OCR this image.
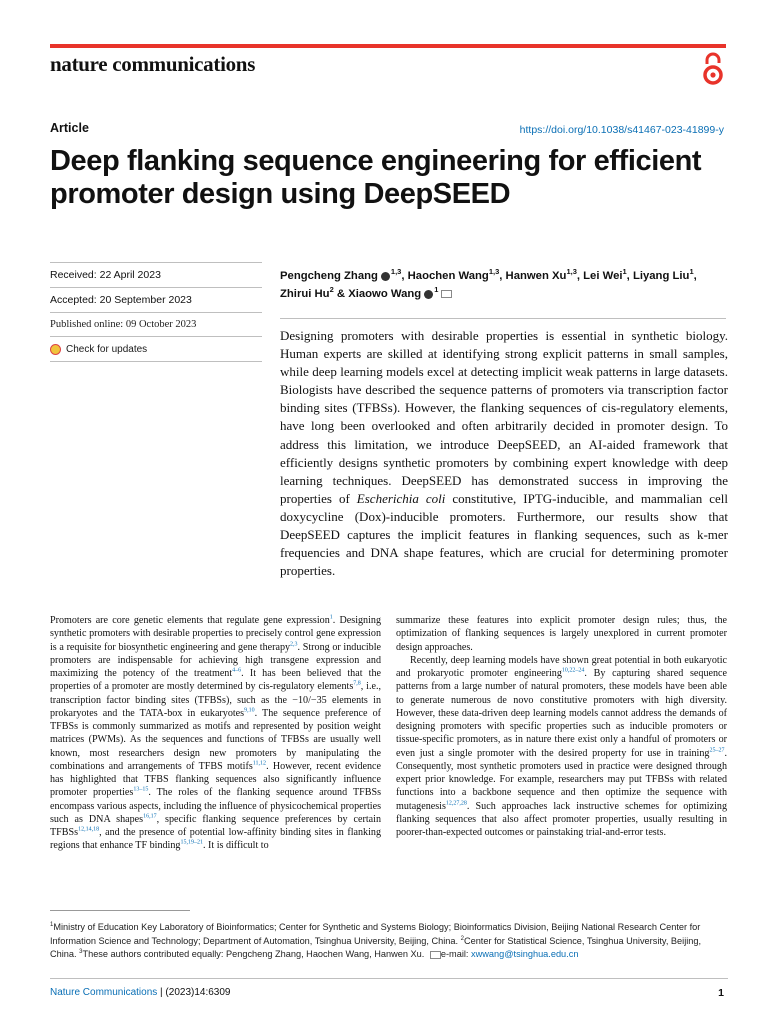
nature communications
Article	https://doi.org/10.1038/s41467-023-41899-y
Deep flanking sequence engineering for efficient promoter design using DeepSEED
Received: 22 April 2023
Accepted: 20 September 2023
Published online: 09 October 2023
Check for updates
Pengcheng Zhang $^{1,3}$, Haochen Wang$^{1,3}$, Hanwen Xu$^{1,3}$, Lei Wei$^1$, Liyang Liu$^1$, Zhirui Hu$^2$ & Xiaowo Wang $^1$

Designing promoters with desirable properties is essential in synthetic biology. Human experts are skilled at identifying strong explicit patterns in small samples, while deep learning models excel at detecting implicit weak patterns in large datasets. Biologists have described the sequence patterns of promoters via transcription factor binding sites (TFBSs). However, the flanking sequences of cis-regulatory elements, have long been overlooked and often arbitrarily decided in promoter design. To address this limitation, we introduce DeepSEED, an AI-aided framework that efficiently designs synthetic promoters by combining expert knowledge with deep learning techniques. DeepSEED has demonstrated success in improving the properties of Escherichia coli constitutive, IPTG-inducible, and mammalian cell doxycycline (Dox)-inducible promoters. Furthermore, our results show that DeepSEED captures the implicit features in flanking sequences, such as k-mer frequencies and DNA shape features, which are crucial for determining promoter properties.

Promoters are core genetic elements that regulate gene expression$^1$. Designing synthetic promoters with desirable properties to precisely control gene expression is a requisite for biosynthetic engineering and gene therapy$^{2,3}$. Strong or inducible promoters are indispensable for achieving high transgene expression and maximizing the potency of the treatment$^{4-6}$. It has been believed that the properties of a promoter are mostly determined by cis-regulatory elements$^{7,8}$, i.e., transcription factor binding sites (TFBSs), such as the −10/−35 elements in prokaryotes and the TATA-box in eukaryotes$^{9,10}$. The sequence preference of TFBSs is commonly summarized as motifs and represented by position weight matrices (PWMs). As the sequences and functions of TFBSs are usually well known, most researchers design new promoters by manipulating the combinations and arrangements of TFBS motifs$^{11,12}$. However, recent evidence has highlighted that TFBS flanking sequences also significantly influence promoter properties$^{13-15}$. The roles of the flanking sequence around TFBSs encompass various aspects, including the influence of physicochemical properties such as DNA shapes$^{16,17}$, specific flanking sequence preferences by certain TFBSs$^{12,14,18}$, and the presence of potential low-affinity binding sites in flanking regions that enhance TF binding$^{15,19-21}$. It is difficult to

summarize these features into explicit promoter design rules; thus, the optimization of flanking sequences is largely unexplored in current promoter design approaches.

Recently, deep learning models have shown great potential in both eukaryotic and prokaryotic promoter engineering$^{10,22-24}$. By capturing shared sequence patterns from a large number of natural promoters, these models have been able to generate numerous de novo constitutive promoters with high diversity. However, these data-driven deep learning models cannot address the demands of designing promoters with specific properties such as inducible promoters or tissue-specific promoters, as in nature there exist only a handful of promoters or even just a single promoter with the desired property for use in training$^{25-27}$. Consequently, most synthetic promoters used in practice were designed through expert prior knowledge. For example, researchers may put TFBSs with related functions into a backbone sequence and then optimize the sequence with mutagenesis$^{12,27,28}$. Such approaches lack instructive schemes for optimizing flanking sequences that also affect promoter properties, usually resulting in poorer-than-expected outcomes or painstaking trial-and-error tests.

$^1$Ministry of Education Key Laboratory of Bioinformatics; Center for Synthetic and Systems Biology; Bioinformatics Division, Beijing National Research Center for Information Science and Technology; Department of Automation, Tsinghua University, Beijing, China. $^2$Center for Statistical Science, Tsinghua University, Beijing, China. $^3$These authors contributed equally: Pengcheng Zhang, Haochen Wang, Hanwen Xu. e-mail: xwwang@tsinghua.edu.cn
Nature Communications | (2023)14:6309	1
